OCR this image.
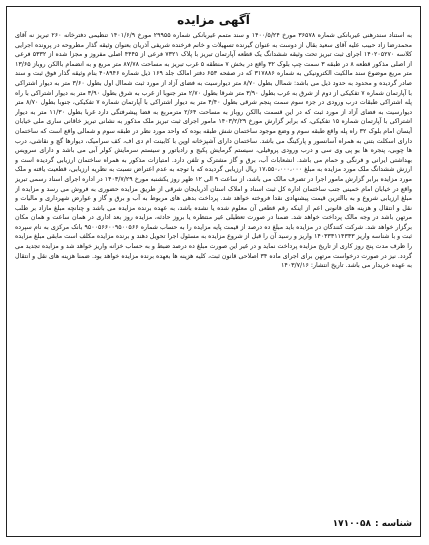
آگهی مزایده

به استناد سندرهنی غیربانکی شماره ۳۶۵۷۸ مورخ ۱۴۰۰/۵/۲۴ و سند متمم غیربانکی شماره ۲۹۹۵۵ مورخ ۱۴۰۱/۶/۹ تنظیمی دفترخانه ۲۶۰ تبریز نه آقای محمدرضا زاد حبیب علیه آقای سعید بقال از دوست به عنوان گیرنده تسهیلات و خانم فرخنده شریفی آذریان بعنوان وثیقه گذار مطروحه در پرونده اجرایی کلاسه ۱۴۰۲۰۵۲۷۰ اجرای ثبت تبریز تحت وثیقه ششدانگ یک قطعه آپارتمان تبریز با پلاک ۷۳۲۱ فرعی از ۴۴۴۵ اصلی مفروز و مجزا شده از ۵۳۳۲ فرعی از اصلی مذکور قطعه ۸ در طبقه ۳ سمت چپ بلوک ۳۲ واقع در بخش ۷ منطقه ۵ غرب تبریز به مساحت ۸۷/۷۸ متر مربع و به انضمام باالکن روباز ۱۳/۶۵ متر مربع موضوع سند مالکیت الکترونیکی به شماره ۳۱۷۸۸۶ که در صفحه ۶۵۳ دفتر امالک جلد ۱۶۹ ذیل شماره ۴۰۸۹۴۶ بنام وثیقه گذار فوق ثبت و سند صادر گردیده و محدود به حدود ذیل می باشد: شماال بطول ۸/۷۰ متر دیوارسیت به فضای آزاد از مورد ثبت شماال اول بطول ۳/۶۰ متر به دیوار اشتراکی با آپارتمان شماره ۷ تفکیکی از دوم از شرق به غرب بطول ۳/۹۰ متر شرقا بطول ۲/۷۰ متر جنوبا از غرب به شرق بطول ۳/۹۰ متر به دیوار اشتراکی با راه پله اشتراکی طبقات درب ورودی در جزء سوم سمت پنجم شرقی بطول ۴/۴۰ متر به دیوار اشتراکی با آپارتمان شماره ۷ تفکیکی، جنوبا بطول ۸/۷۰ متر دیوارسیت به فضای آزاد از مورد ثبت که در این قسمت باالکن روباز به مساحت ۲/۶۴ مترمربع به فضا پیشرفتگی دارد غربا بطول ۱۱/۳۰ متر به دیوار اشتراکی با آپارتمان شماره ۱۵ تفکیکی، که برابر گزارش مورخ ۱۴۰۳/۲/۲۹ مامور اجرای ثبت تبریز ملک مذکور به نشانی تبریز خاقانی ساری ملی خیابان آیسان امام بلوک ۳۲ راه پله واقع طبقه سوم و وضع موجود ساختمان شش طبقه بوده که واحد مورد نظر در طبقه سوم و شمالی واقع است که ساختمان دارای اسکلت بتنی به همراه آسانسور و پارکینگ می باشد. ساختمان دارای آشپزخانه اوپن با کابینت ام دی اف، کف سرامیک، دیوارها گچ و نقاشی، درب ها چوبی، پنجره ها یو پی وی سی و درب ورودی پروفیلی، سیستم گرمایش پکیج و رادیاتور و سیستم سرمایش کولر آبی می باشد و دارای سرویس بهداشتی ایرانی و فرنگی و حمام می باشد. انشعابات آب، برق و گاز مشترک و تلفن دارد. امتیازات مذکور به همراه ساختمان ارزیابی گردیده است و ارزش ششدانگ ملک مورد مزایده به مبلغ ۱۷،۵۵۰،۰۰۰،۰۰۰ ریال ارزیابی گردیده که با توجه به عدم اعتراض نسبت به نظریه ارزیابی، قطعیت یافته و ملک مورد مزایده برابر گزارش مامور اجرا در تصرف مالک می باشد، از ساعت ۹ الی ۱۲ ظهر روز یکشنبه مورخ ۱۴۰۳/۷/۲۹ در اداره اجرای اسناد رسمی تبریز واقع در خیابان امام خمینی جنب ساختمان اداره کل ثبت اسناد و املاک استان آذربایجان شرقی از طریق مزایده حضوری به فروش می رسد و مزایده از مبلغ ارزیابی شروع و به باالترین قیمت پیشنهادی نقدا فروخته خواهد شد. پرداخت بدهی های مربوط به آب و برق و گاز و عوارض شهرداری و مالیات و نقل و انتقال و هزینه های قانونی اعم از اینکه رقم قطعی آن معلوم شده یا نشده باشد، به عهده برنده مزایده می باشد و چنانچه مبلغ مازاد بر طلب مرتهن باشد در وجه مالک پرداخت خواهد شد. ضمنا در صورت تعطیلی غیر منتظره یا بروز حادثه، مزایده روز بعد اداری در همان ساعت و همان مکان برگزار خواهد شد. شرکت کنندگان در مزایده باید مبلغ ده درصد از قیمت پایه مزایده را به حساب شماره ۹۵۰۰۵۶۶۰۰۹۵۰۰۵۶۶ بانک مرکزی به نام سپرده ثبت و با شناسه واریز ۱۴۰۳۳۳۱۱۴۳۳۳ واریز و رسید آن را قبل از شروع مزایده به مسئول اجرا تحویل دهند و برنده مزایده مکلف است مابقی مبلغ مزایده را ظرف مدت پنج روز کاری از تاریخ مزایده پرداخت نماید و در غیر این صورت مبلغ ده درصد ضبط و به حساب خزانه واریز خواهد شد و مزایده تجدید می گردد. نیز در صورت درخواست مرتهن برای اجرای ماده ۳۴ اصلاحی قانون ثبت، کلیه هزینه ها بعهده برنده مزایده خواهد بود. ضمنا هزینه های نقل و انتقال به عهده خریدار می باشد. تاریخ انتشار: ۱۴۰۳/۷/۱۶

شناسه :
۱۷۱۰۰۵۸
